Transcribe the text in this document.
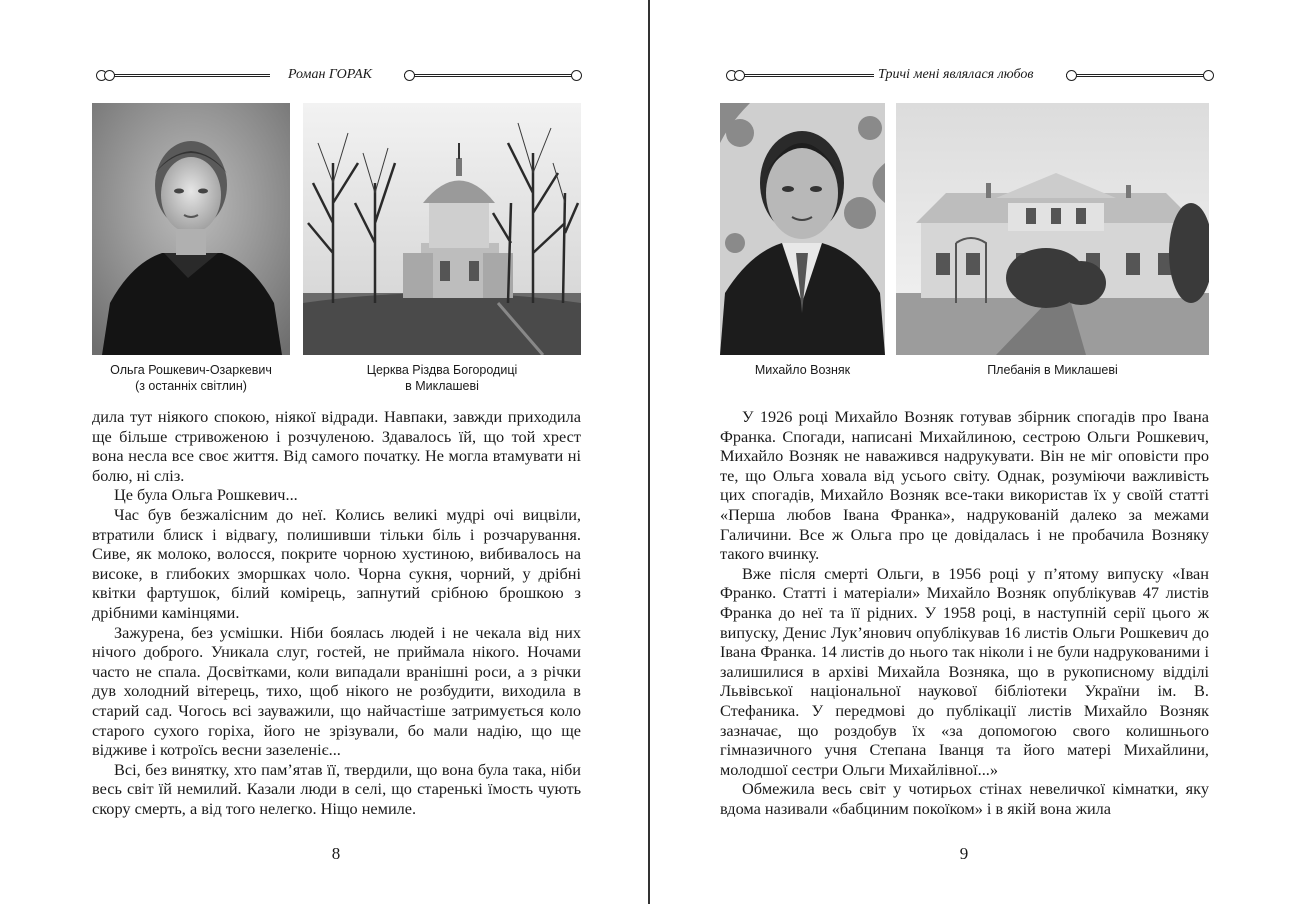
Роман ГОРАК
Ольга Рошкевич-Озаркевич
(з останніх світлин)
Церква Різдва Богородиці
в Миклашеві

дила тут ніякого спокою, ніякої відради. Навпаки, завжди приходила ще більше стривоженою і розчуленою. Здавалось їй, що той хрест вона несла все своє життя. Від самого початку. Не могла втамувати ні болю, ні сліз.

Це була Ольга Рошкевич...

Час був безжалісним до неї. Колись великі мудрі очі вицвіли, втратили блиск і відвагу, полишивши тільки біль і розчарування. Сиве, як молоко, волосся, покрите чорною хустиною, вибивалось на високе, в глибоких зморшках чоло. Чорна сукня, чорний, у дрібні квітки фартушок, білий комірець, запнутий срібною брошкою з дрібними камінцями.

Зажурена, без усмішки. Ніби боялась людей і не чекала від них нічого доброго. Уникала слуг, гостей, не приймала нікого. Ночами часто не спала. Досвітками, коли випадали вранішні роси, а з річки дув холодний вітерець, тихо, щоб нікого не розбудити, виходила в старий сад. Чогось всі зауважили, що найчастіше затримується коло старого сухого горіха, його не зрізували, бо мали надію, що ще відживе і котроїсь весни зазеленіє...

Всі, без винятку, хто пам’ятав її, твердили, що вона була така, ніби весь світ їй немилий. Казали люди в селі, що старенькі їмость чують скору смерть, а від того нелегко. Ніщо немиле.

8
Тричі мені являлася любов
Михайло Возняк	Плебанія в Миклашеві

У 1926 році Михайло Возняк готував збірник спогадів про Івана Франка. Спогади, написані Михайлиною, сестрою Ольги Рошкевич, Михайло Возняк не наважився надрукувати. Він не міг оповісти про те, що Ольга ховала від усього світу. Однак, розуміючи важливість цих спогадів, Михайло Возняк все-таки використав їх у своїй статті «Перша любов Івана Франка», надрукованій далеко за межами Галичини. Все ж Ольга про це довідалась і не пробачила Возняку такого вчинку.

Вже після смерті Ольги, в 1956 році у п’ятому випуску «Іван Франко. Статті і матеріали» Михайло Возняк опублікував 47 листів Франка до неї та її рідних. У 1958 році, в наступній серії цього ж випуску, Денис Лук’янович опублікував 16 листів Ольги Рошкевич до Івана Франка. 14 листів до нього так ніколи і не були надрукованими і залишилися в архіві Михайла Возняка, що в рукописному відділі Львівської національної наукової бібліотеки України ім. В. Стефаника. У передмові до публікації листів Михайло Возняк зазначає, що роздобув їх «за допомогою свого колишнього гімназичного учня Степана Іванця та його матері Михайлини, молодшої сестри Ольги Михайлівної...»

Обмежила весь світ у чотирьох стінах невеличкої кімнатки, яку вдома називали «бабциним покоїком» і в якій вона жила

9
